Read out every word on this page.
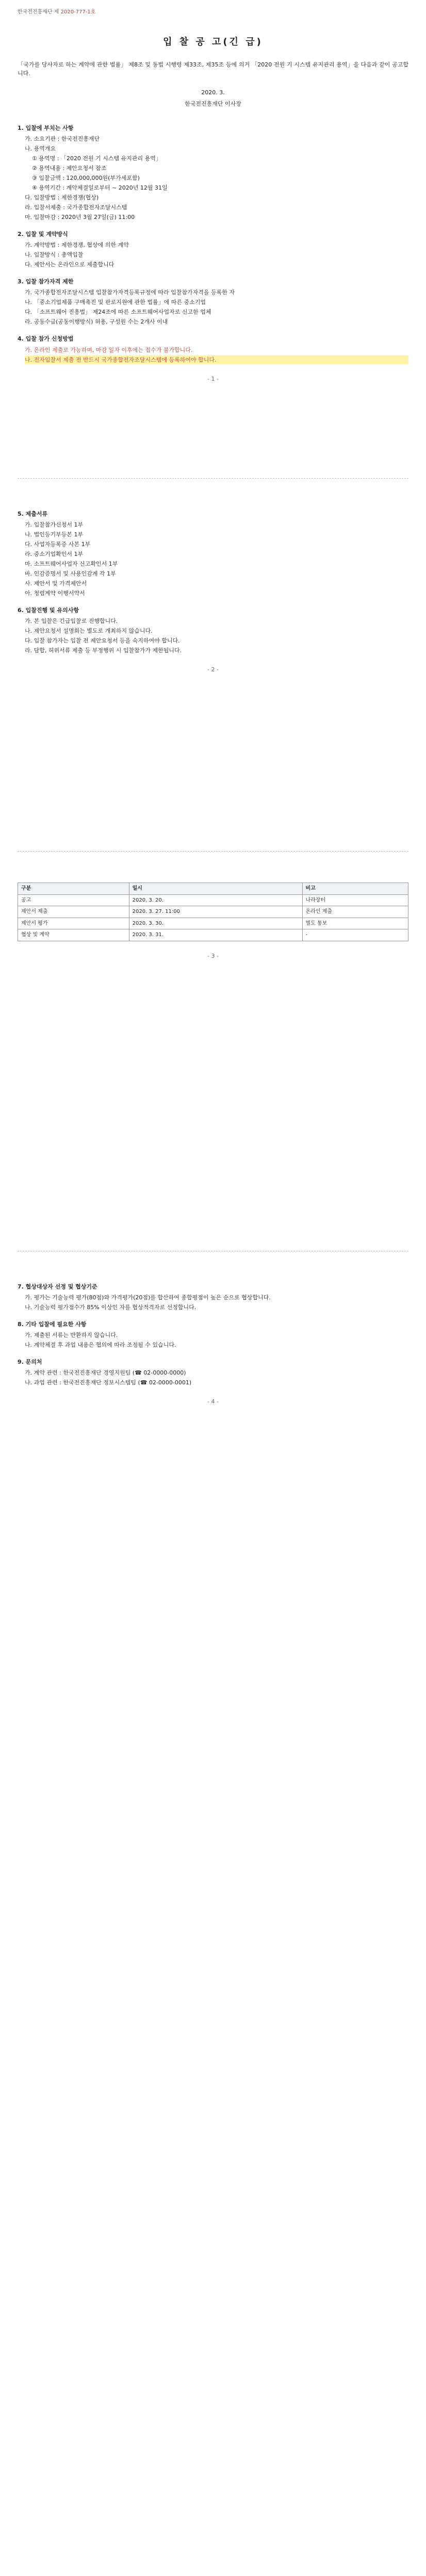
한국전진흥재단 제 2020-777-1호
입 찰 공 고(긴 급)

「국가를 당사자로 하는 계약에 관한 법률」 제8조 및 동법 시행령 제33조, 제35조 등에 의거 「2020 전원 기 시스템 유지관리 용역」을 다음과 같이 공고합니다.

2020. 3.
한국전진흥재단 이사장
1. 입찰에 부치는 사항
가. 소요기관 : 한국전진흥재단
나. 용역개요
① 용역명 : 「2020 전원 기 시스템 유지관리 용역」
② 용역내용 : 제안요청서 참조
③ 입찰금액 : 120,000,000원(부가세포함)
④ 용역기간 : 계약체결일로부터 ~ 2020년 12월 31일
다. 입찰방법 : 제한경쟁(협상)
라. 입찰서제출 : 국가종합전자조달시스템
마. 입찰마감 : 2020년 3월 27일(금) 11:00
2. 입찰 및 계약방식
가. 계약방법 : 제한경쟁, 협상에 의한 계약
나. 입찰방식 : 총액입찰
다. 제안서는 온라인으로 제출합니다
3. 입찰 참가자격 제한
가. 국가종합전자조달시스템 입찰참가자격등록규정에 따라 입찰참가자격을 등록한 자
나. 「중소기업제품 구매촉진 및 판로지원에 관한 법률」에 따른 중소기업
다. 「소프트웨어 진흥법」 제24조에 따른 소프트웨어사업자로 신고한 업체
라. 공동수급(공동이행방식) 허용, 구성원 수는 2개사 이내
4. 입찰 참가 신청방법
가. 온라인 제출로 가능하며, 마감 일자 이후에는 접수가 불가합니다.
나. 전자입찰서 제출 전 반드시 국가종합전자조달시스템에 등록하여야 합니다.
- 1 -
5. 제출서류
가. 입찰참가신청서 1부
나. 법인등기부등본 1부
다. 사업자등록증 사본 1부
라. 중소기업확인서 1부
마. 소프트웨어사업자 신고확인서 1부
바. 인감증명서 및 사용인감계 각 1부
사. 제안서 및 가격제안서
아. 청렴계약 이행서약서
6. 입찰진행 및 유의사항
가. 본 입찰은 긴급입찰로 진행합니다.
나. 제안요청서 설명회는 별도로 개최하지 않습니다.
다. 입찰 참가자는 입찰 전 제안요청서 등을 숙지하여야 합니다.
라. 담합, 허위서류 제출 등 부정행위 시 입찰참가가 제한됩니다.
- 2 -
구분	일시	비고
공고	2020. 3. 20.	나라장터
제안서 제출	2020. 3. 27. 11:00	온라인 제출
제안서 평가	2020. 3. 30.	별도 통보
협상 및 계약	2020. 3. 31.	-
- 3 -
7. 협상대상자 선정 및 협상기준
가. 평가는 기술능력 평가(80점)와 가격평가(20점)를 합산하여 종합평점이 높은 순으로 협상합니다.
나. 기술능력 평가점수가 85% 이상인 자를 협상적격자로 선정합니다.
8. 기타 입찰에 필요한 사항
가. 제출된 서류는 반환하지 않습니다.
나. 계약체결 후 과업 내용은 협의에 따라 조정될 수 있습니다.
9. 문의처
가. 계약 관련 : 한국전진흥재단 경영지원팀 (☎ 02-0000-0000)
나. 과업 관련 : 한국전진흥재단 정보시스템팀 (☎ 02-0000-0001)
- 4 -
